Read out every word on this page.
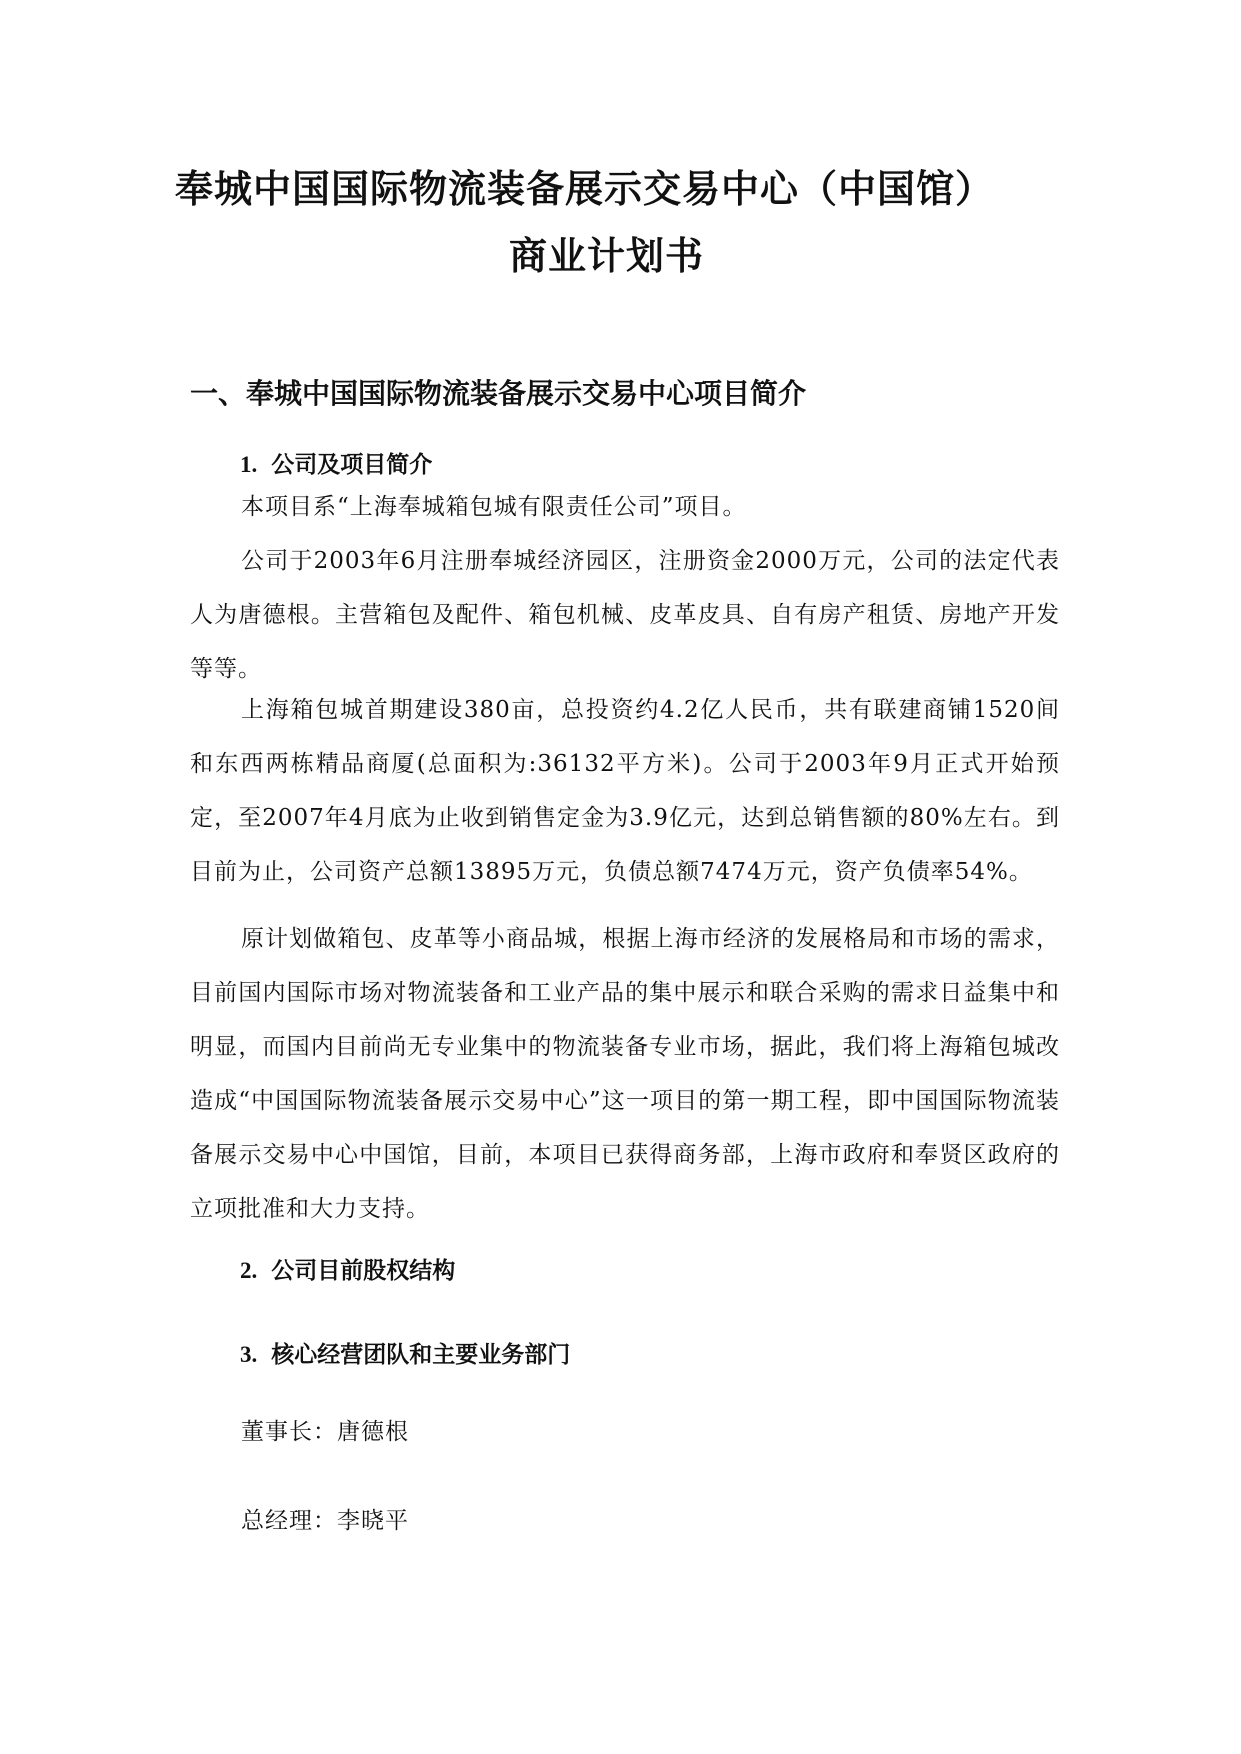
奉城中国国际物流装备展示交易中心（中国馆）
商业计划书
一、奉城中国国际物流装备展示交易中心项目简介
1. 公司及项目简介
本项目系“上海奉城箱包城有限责任公司”项目。
公司于2003年6月注册奉城经济园区，注册资金2000万元，公司的法定代表人为唐德根。主营箱包及配件、箱包机械、皮革皮具、自有房产租赁、房地产开发等等。
上海箱包城首期建设380亩，总投资约4.2亿人民币，共有联建商铺1520间和东西两栋精品商厦(总面积为:36132平方米)。公司于2003年9月正式开始预定，至2007年4月底为止收到销售定金为3.9亿元，达到总销售额的80%左右。到目前为止，公司资产总额13895万元，负债总额7474万元，资产负债率54%。
原计划做箱包、皮革等小商品城，根据上海市经济的发展格局和市场的需求，目前国内国际市场对物流装备和工业产品的集中展示和联合采购的需求日益集中和明显，而国内目前尚无专业集中的物流装备专业市场，据此，我们将上海箱包城改造成“中国国际物流装备展示交易中心”这一项目的第一期工程，即中国国际物流装备展示交易中心中国馆，目前，本项目已获得商务部，上海市政府和奉贤区政府的立项批准和大力支持。
2. 公司目前股权结构
3. 核心经营团队和主要业务部门
董事长：唐德根
总经理：李晓平
